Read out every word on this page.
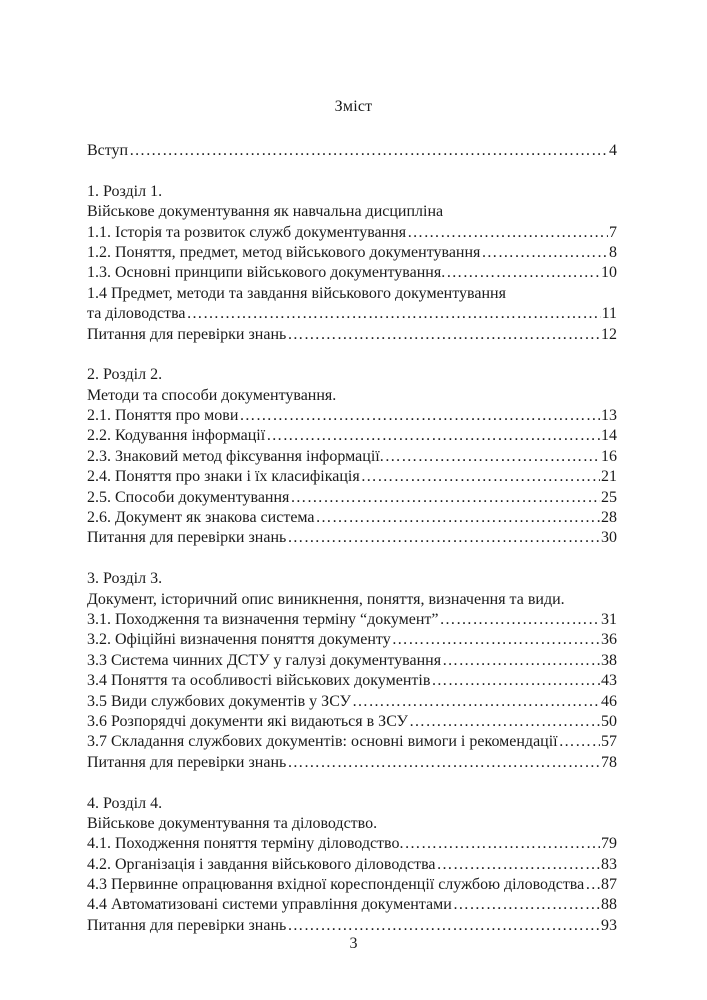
Зміст
Вступ ……………………………………………………………………………………………………………………………………………………………………………	4
1. Розділ 1.
Військове документування як навчальна дисципліна
1.1. Історія та розвиток служб документування ……………………………………………………………………………………………………………………………………………………………………………	7
1.2. Поняття, предмет, метод військового документування ……………………………………………………………………………………………………………………………………………………………………………	8
1.3. Основні принципи військового документування. ……………………………………………………………………………………………………………………………………………………………………………	10
1.4 Предмет, методи та завдання військового документування
та діловодства ……………………………………………………………………………………………………………………………………………………………………………	11
Питання для перевірки знань ……………………………………………………………………………………………………………………………………………………………………………	12
2. Розділ 2.
Методи та способи документування.
2.1. Поняття про мови ……………………………………………………………………………………………………………………………………………………………………………	13
2.2. Кодування інформації ……………………………………………………………………………………………………………………………………………………………………………	14
2.3. Знаковий метод фіксування інформації. ……………………………………………………………………………………………………………………………………………………………………………	16
2.4. Поняття про знаки і їх класифікація ……………………………………………………………………………………………………………………………………………………………………………	21
2.5. Способи документування ……………………………………………………………………………………………………………………………………………………………………………	25
2.6. Документ як знакова система ……………………………………………………………………………………………………………………………………………………………………………	28
Питання для перевірки знань ……………………………………………………………………………………………………………………………………………………………………………	30
3. Розділ 3.
Документ, історичний опис виникнення, поняття, визначення та види.
3.1. Походження та визначення терміну “документ” ……………………………………………………………………………………………………………………………………………………………………………	31
3.2. Офіційні визначення поняття документу ……………………………………………………………………………………………………………………………………………………………………………	36
3.3 Система чинних ДСТУ у галузі документування ……………………………………………………………………………………………………………………………………………………………………………	38
3.4 Поняття та особливості військових документів ……………………………………………………………………………………………………………………………………………………………………………	43
3.5 Види службових документів у ЗСУ ……………………………………………………………………………………………………………………………………………………………………………	46
3.6 Розпорядчі документи які видаються в ЗСУ ……………………………………………………………………………………………………………………………………………………………………………	50
3.7 Складання службових документів: основні вимоги і рекомендації ……………………………………………………………………………………………………………………………………………………………………………	57
Питання для перевірки знань ……………………………………………………………………………………………………………………………………………………………………………	78
4. Розділ 4.
Військове документування та діловодство.
4.1. Походження поняття терміну діловодство. ……………………………………………………………………………………………………………………………………………………………………………	79
4.2. Організація і завдання військового діловодства ……………………………………………………………………………………………………………………………………………………………………………	83
4.3 Первинне опрацювання вхідної кореспонденції службою діловодства …………………………………………………………………………………………………………………………………………………………………………… 87
4.4 Автоматизовані системи управління документами ……………………………………………………………………………………………………………………………………………………………………………	88
Питання для перевірки знань ……………………………………………………………………………………………………………………………………………………………………………	93
3
